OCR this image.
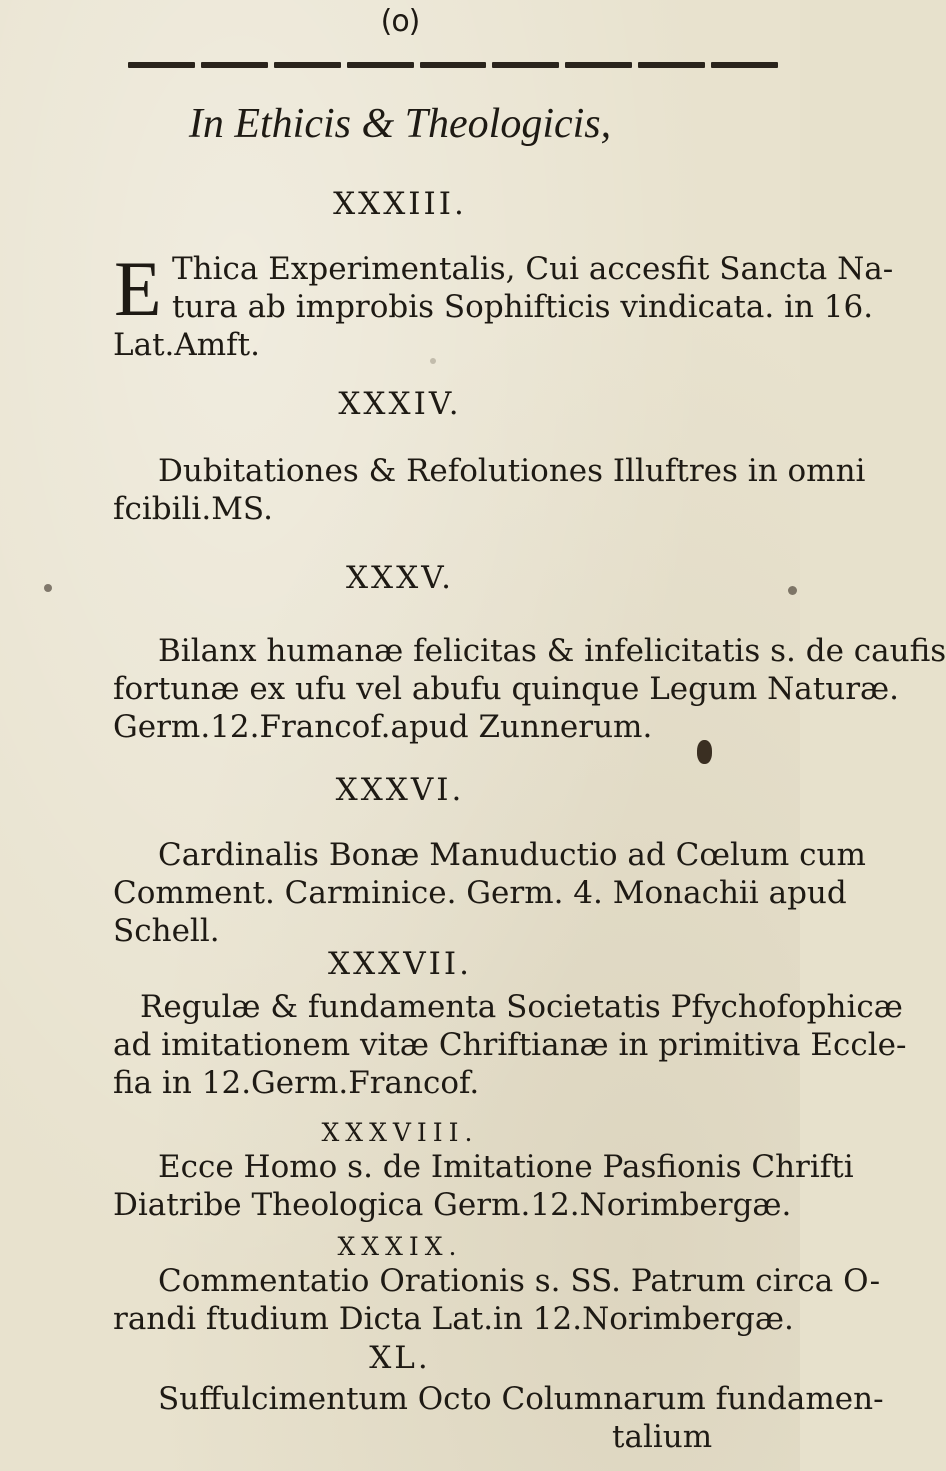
(o)
In Ethicis & Theologicis,
XXXIII.
E Thica Experimentalis, Cui accesfit Sancta Na-
tura ab improbis Sophifticis vindicata. in 16.
Lat.Amft.
XXXIV.
Dubitationes & Refolutiones Illuftres in omni
fcibili.MS.
XXXV.
Bilanx humanæ felicitas & infelicitatis s. de caufis
fortunæ ex ufu vel abufu quinque Legum Naturæ.
Germ.12.Francof.apud Zunnerum.
XXXVI.
Cardinalis Bonæ Manuductio ad Cœlum cum
Comment. Carminice. Germ. 4. Monachii apud
Schell.
XXXVII.
Regulæ & fundamenta Societatis Pfychofophicæ
ad imitationem vitæ Chriftianæ in primitiva Eccle-
fia in 12.Germ.Francof.
XXXVIII.
Ecce Homo s. de Imitatione Pasfionis Chrifti
Diatribe Theologica Germ.12.Norimbergæ.
XXXIX.
Commentatio Orationis s. SS. Patrum circa O-
randi ftudium Dicta Lat.in 12.Norimbergæ.
XL.
Suffulcimentum Octo Columnarum fundamen-
talium
